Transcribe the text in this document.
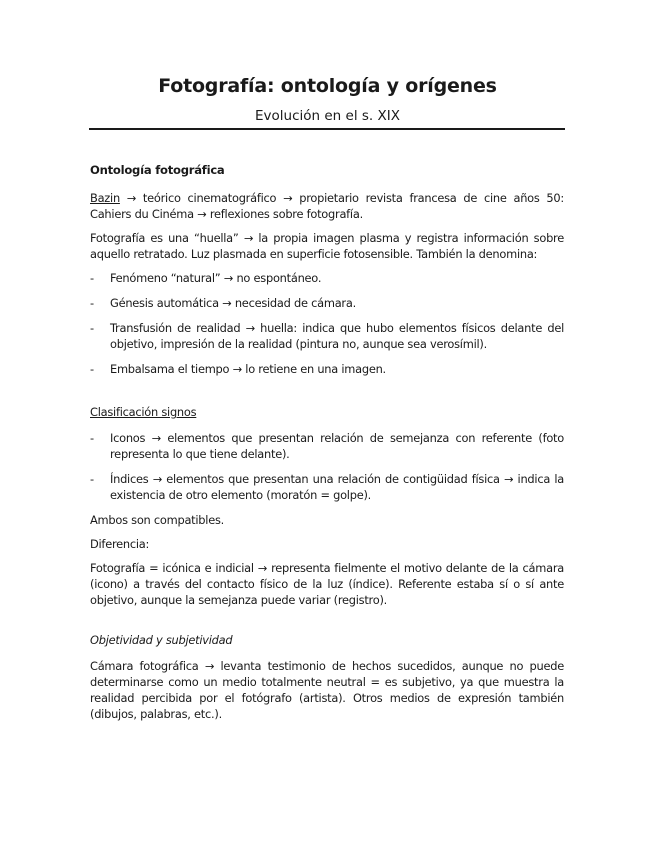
Fotografía: ontología y orígenes
Evolución en el s. XIX
Ontología fotográfica

Bazin → teórico cinematográfico → propietario revista francesa de cine años 50: Cahiers du Cinéma → reflexiones sobre fotografía.

Fotografía es una “huella” → la propia imagen plasma y registra información sobre aquello retratado. Luz plasmada en superficie fotosensible. También la denomina:

- Fenómeno “natural” → no espontáneo.
- Génesis automática → necesidad de cámara.
- Transfusión de realidad → huella: indica que hubo elementos físicos delante del objetivo, impresión de la realidad (pintura no, aunque sea verosímil).
- Embalsama el tiempo → lo retiene en una imagen.

Clasificación signos

- Iconos → elementos que presentan relación de semejanza con referente (foto representa lo que tiene delante).
- Índices → elementos que presentan una relación de contigüidad física → indica la existencia de otro elemento (moratón = golpe).

Ambos son compatibles.

Diferencia:

Fotografía = icónica e indicial → representa fielmente el motivo delante de la cámara (icono) a través del contacto físico de la luz (índice). Referente estaba sí o sí ante objetivo, aunque la semejanza puede variar (registro).

Objetividad y subjetividad

Cámara fotográfica → levanta testimonio de hechos sucedidos, aunque no puede determinarse como un medio totalmente neutral = es subjetivo, ya que muestra la realidad percibida por el fotógrafo (artista). Otros medios de expresión también (dibujos, palabras, etc.).
